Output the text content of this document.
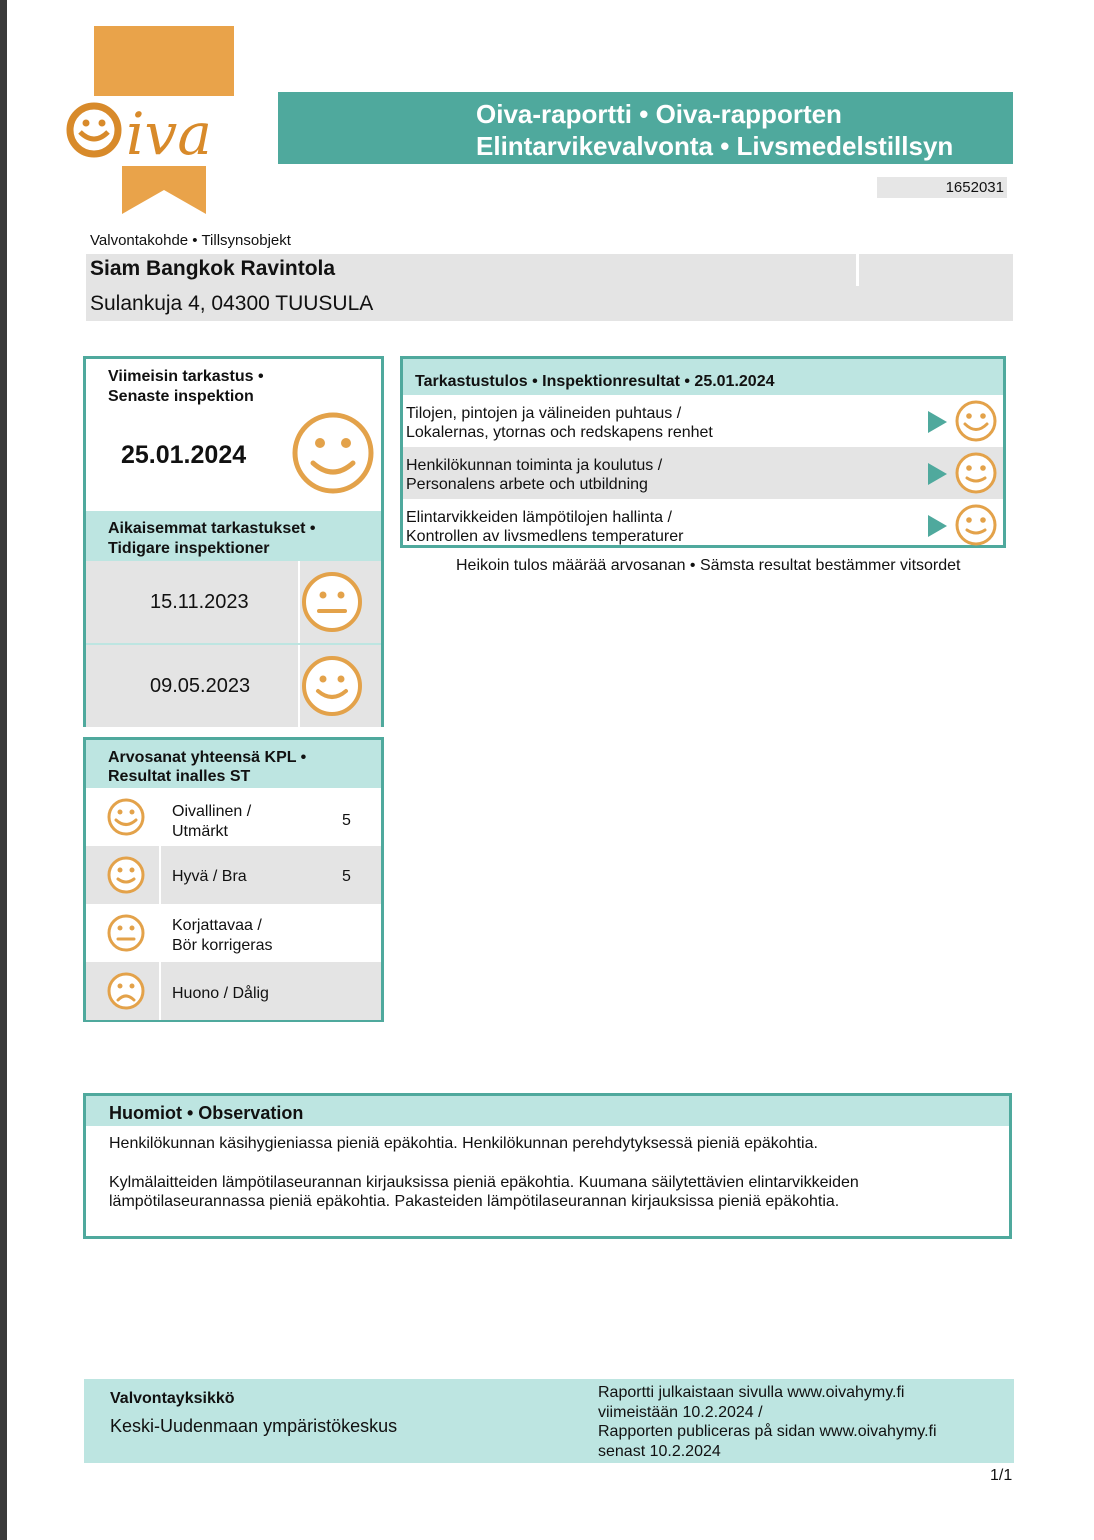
iva	Oiva-raportti • Oiva-rapporten
Elintarvikevalvonta • Livsmedelstillsyn
1652031
Valvontakohde • Tillsynsobjekt
Siam Bangkok Ravintola
Sulankuja 4, 04300 TUUSULA
Viimeisin tarkastus •
Senaste inspektion
25.01.2024
Aikaisemmat tarkastukset •
Tidigare inspektioner
15.11.2023
09.05.2023
Arvosanat yhteensä KPL •
Resultat inalles ST
Oivallinen /
Utmärkt
5
Hyvä / Bra	5
Korjattavaa /
Bör korrigeras
Huono / Dålig
Tarkastustulos • Inspektionresultat • 25.01.2024
Tilojen, pintojen ja välineiden puhtaus /
Lokalernas, ytornas och redskapens renhet
Henkilökunnan toiminta ja koulutus /
Personalens arbete och utbildning
Elintarvikkeiden lämpötilojen hallinta /
Kontrollen av livsmedlens temperaturer
Heikoin tulos määrää arvosanan • Sämsta resultat bestämmer vitsordet
Huomiot • Observation
Henkilökunnan käsihygieniassa pieniä epäkohtia. Henkilökunnan perehdytyksessä pieniä epäkohtia.
Kylmälaitteiden lämpötilaseurannan kirjauksissa pieniä epäkohtia. Kuumana säilytettävien elintarvikkeiden
lämpötilaseurannassa pieniä epäkohtia. Pakasteiden lämpötilaseurannan kirjauksissa pieniä epäkohtia.
Valvontayksikkö
Keski-Uudenmaan ympäristökeskus
Raportti julkaistaan sivulla www.oivahymy.fi
viimeistään 10.2.2024 /
Rapporten publiceras på sidan www.oivahymy.fi
senast 10.2.2024
1/1
